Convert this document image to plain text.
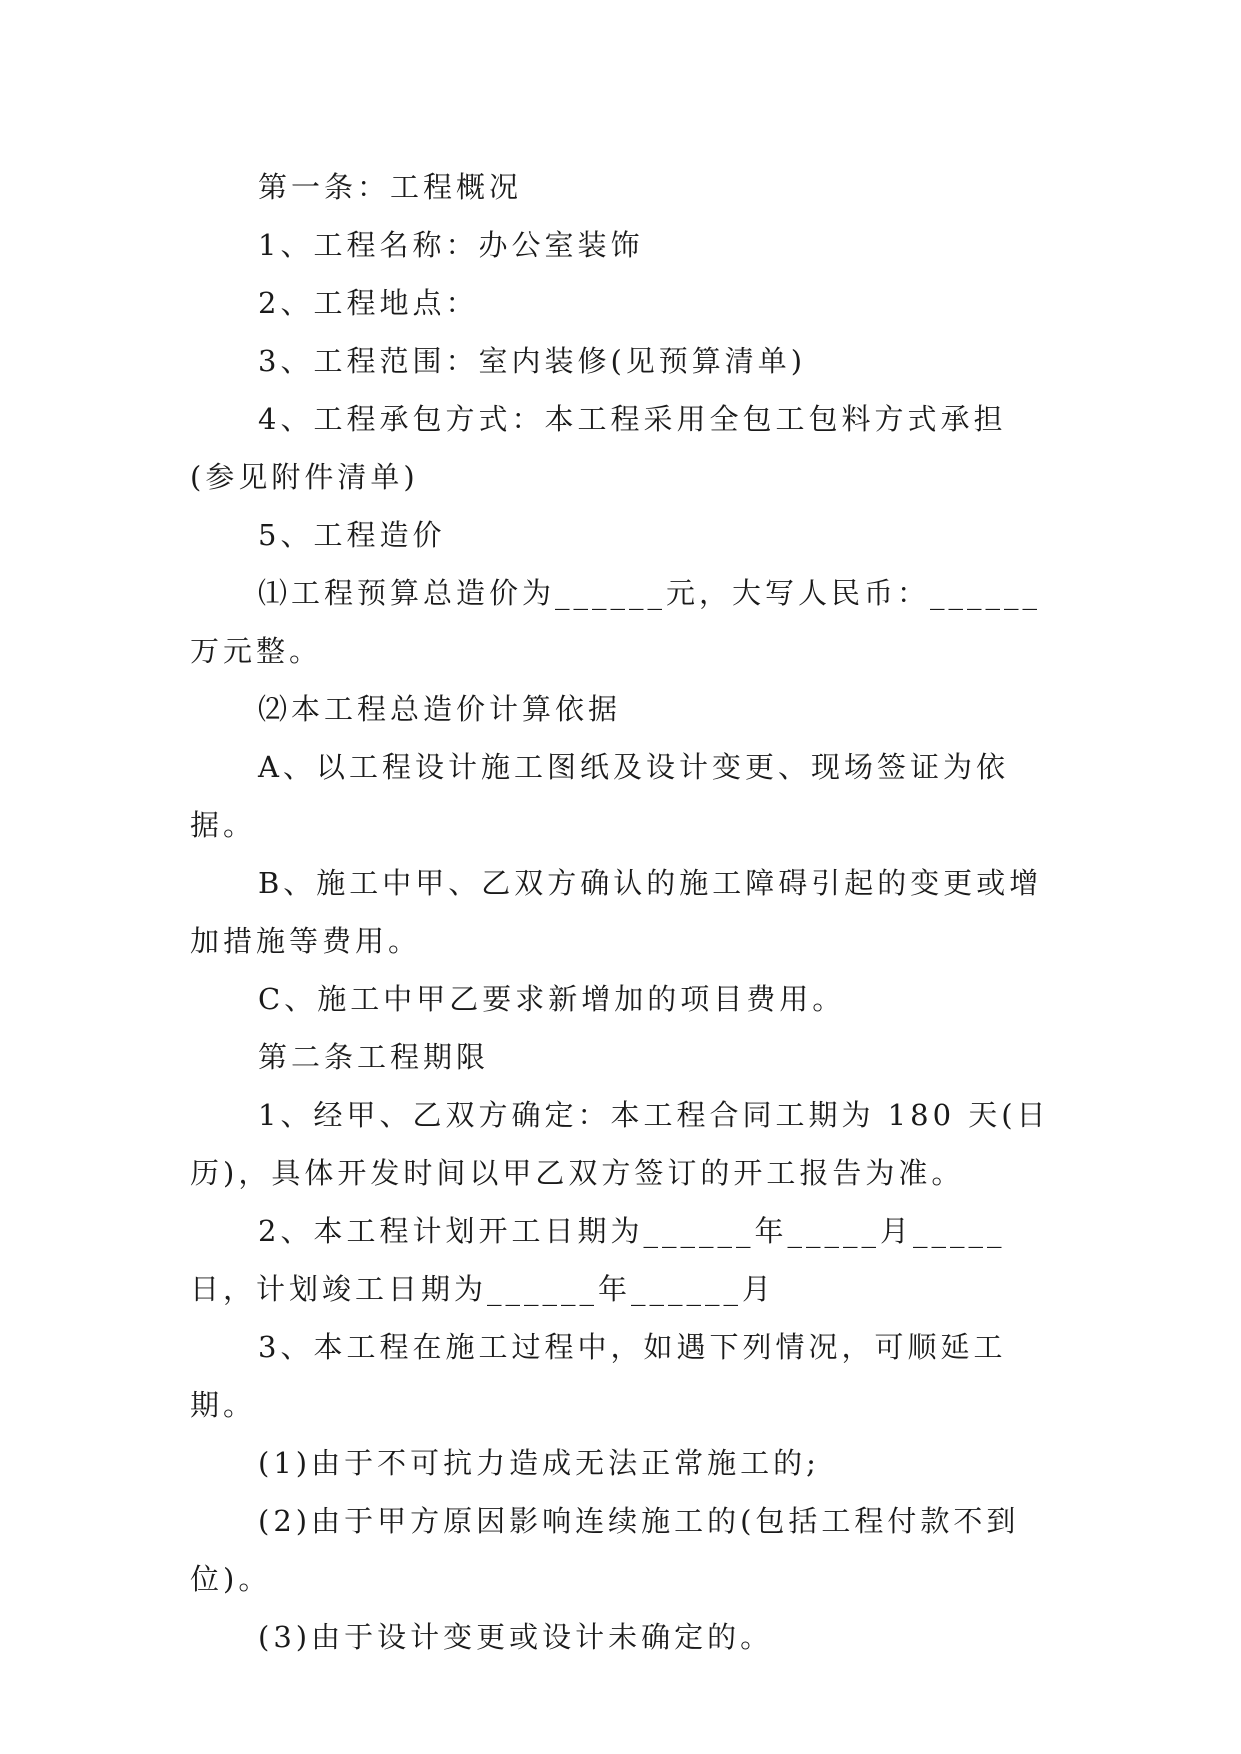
第一条：工程概况

1、工程名称：办公室装饰

2、工程地点：

3、工程范围：室内装修(见预算清单)

4、工程承包方式：本工程采用全包工包料方式承担(参见附件清单)

5、工程造价

⑴工程预算总造价为______元，大写人民币：______万元整。

⑵本工程总造价计算依据

A、以工程设计施工图纸及设计变更、现场签证为依据。

B、施工中甲、乙双方确认的施工障碍引起的变更或增加措施等费用。

C、施工中甲乙要求新增加的项目费用。

第二条工程期限

1、经甲、乙双方确定：本工程合同工期为 180 天(日历)，具体开发时间以甲乙双方签订的开工报告为准。

2、本工程计划开工日期为______年_____月_____日，计划竣工日期为______年______月

3、本工程在施工过程中，如遇下列情况，可顺延工期。

(1)由于不可抗力造成无法正常施工的;

(2)由于甲方原因影响连续施工的(包括工程付款不到位)。

(3)由于设计变更或设计未确定的。
